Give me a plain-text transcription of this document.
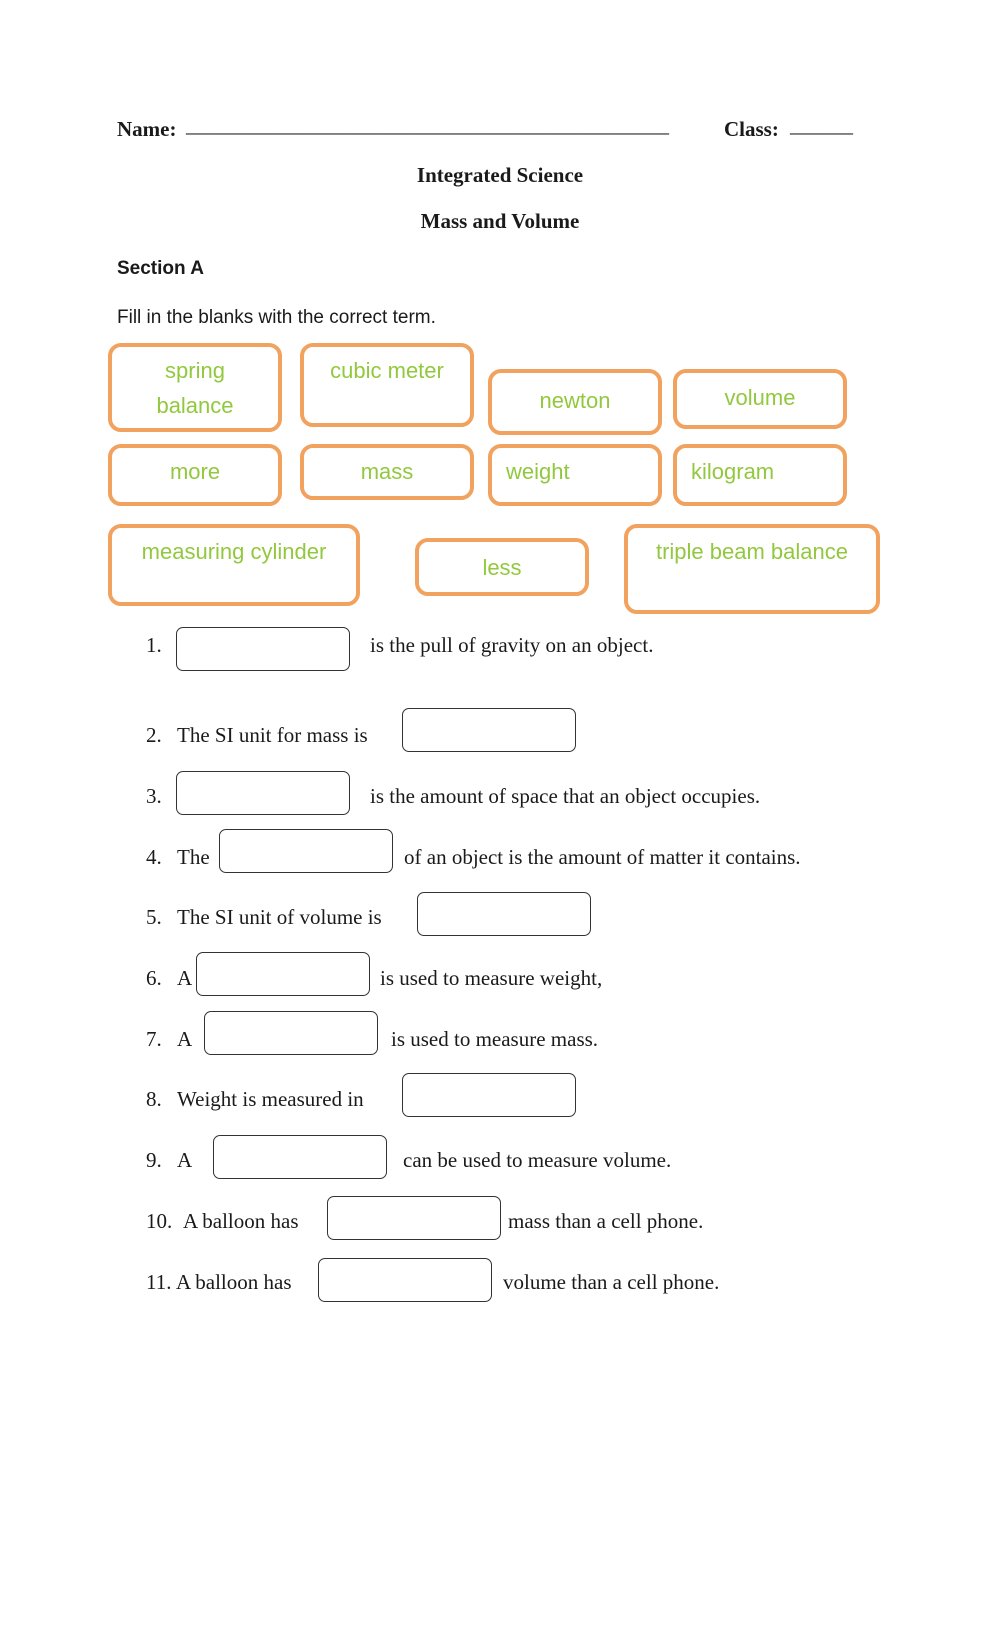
Name: ______________________________________________	Class: ______
Integrated Science
Mass and Volume
Section A
Fill in the blanks with the correct term.
spring
balance
cubic meter
newton	volume
more	mass	weight	kilogram
measuring cylinder
less
triple beam balance
1.	is the pull of gravity on an object.
2. The SI unit for mass is
3.	is the amount of space that an object occupies.
4. The	of an object is the amount of matter it contains.
5. The SI unit of volume is
6. A	is used to measure weight,
7. A	is used to measure mass.
8. Weight is measured in
9. A	can be used to measure volume.
10. A balloon has	mass than a cell phone.
11. A balloon has	volume than a cell phone.
